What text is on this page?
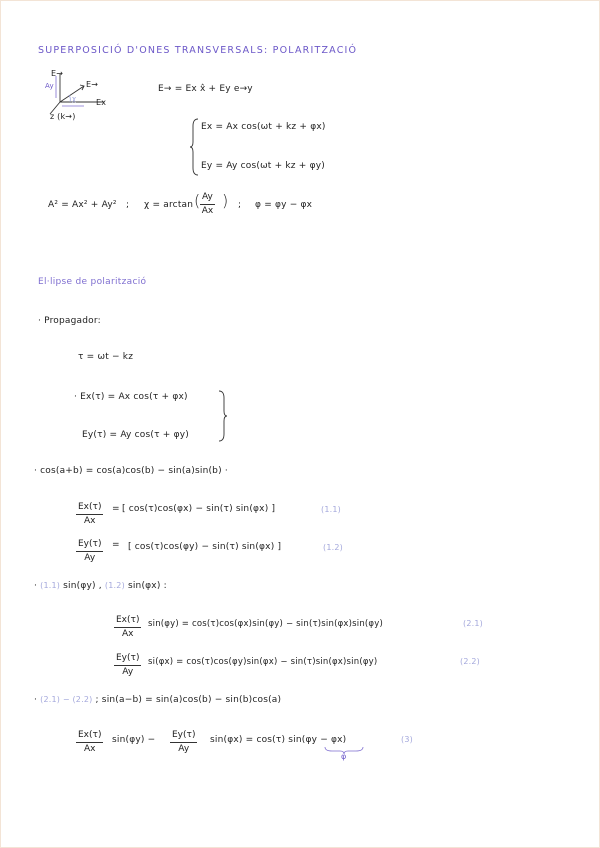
SUPERPOSICIÓ D'ONES TRANSVERSALS: POLARITZACIÓ
E→
Ay	E→
Ex
χ
z (k→)
E→ = Ex x̂ + Ey e→y
Ex = Ax cos(ωt + kz + φx)
Ey = Ay cos(ωt + kz + φy)
A² = Ax² + Ay² ; χ = arctan ( $\frac{Ay}{Ax}$ ) ; φ = φy − φx
El·lipse de polarització
· Propagador:
τ = ωt − kz
· Ex(τ) = Ax cos(τ + φx)
Ey(τ) = Ay cos(τ + φy)
· cos(a+b) = cos(a)cos(b) − sin(a)sin(b) ·
$\frac{Ex(\tau)}{Ax}$ = [ cos(τ)cos(φx) − sin(τ) sin(φx) ]	(1.1)
$\frac{Ey(\tau)}{Ay}$ = [ cos(τ)cos(φy) − sin(τ) sin(φx) ]	(1.2)
· (1.1) sin(φy) , (1.2) sin(φx) :
$\frac{Ex(\tau)}{Ax} \sin(\varphi y) = \cos(\tau)\cos(\varphi x)\sin(\varphi y) - \sin(\tau)\sin(\varphi x)\sin(\varphi y)$	(2.1)
$\frac{Ey(\tau)}{Ay} si(\varphi x) = \cos(\tau)\cos(\varphi y)\sin(\varphi x) - \sin(\tau)\sin(\varphi x)\sin(\varphi y)$	(2.2)
· (2.1) − (2.2) ; sin(a−b) = sin(a)cos(b) − sin(b)cos(a)
$\frac{Ex(\tau)}{Ax} \sin(\varphi y) - \frac{Ey(\tau)}{Ay} \sin(\varphi x) = \cos(\tau) \sin(\varphi y - \varphi x)$
φ
(3)
